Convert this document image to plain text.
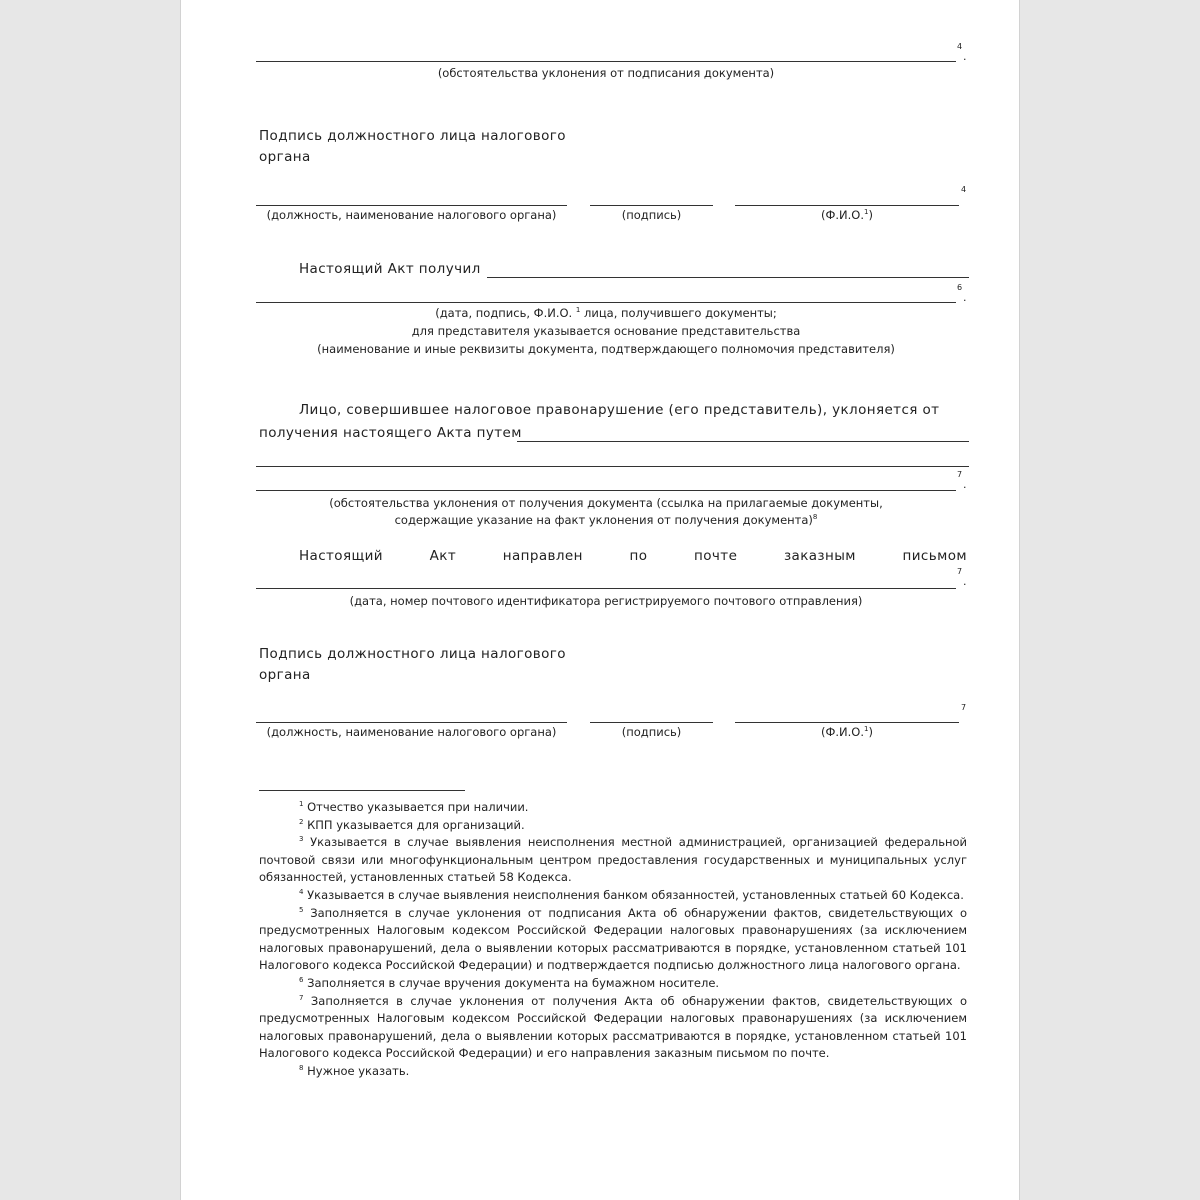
4
.
(обстоятельства уклонения от подписания документа)
Подпись должностного лица налогового
органа
4
(должность, наименование налогового органа)	(подпись)	(Ф.И.О.$^1$)
Настоящий Акт получил
6
.
(дата, подпись, Ф.И.О. $^1$ лица, получившего документы;
для представителя указывается основание представительства
(наименование и иные реквизиты документа, подтверждающего полномочия представителя)
Лицо, совершившее налоговое правонарушение (его представитель), уклоняется от
получения настоящего Акта путем
7
.
(обстоятельства уклонения от получения документа (ссылка на прилагаемые документы,
содержащие указание на факт уклонения от получения документа)$^8$
Настоящий	Акт	направлен	по	почте	заказным	письмом
7
.
(дата, номер почтового идентификатора регистрируемого почтового отправления)
Подпись должностного лица налогового
органа
7
(должность, наименование налогового органа)	(подпись)	(Ф.И.О.$^1$)
$^1$ Отчество указывается при наличии.
$^2$ КПП указывается для организаций.
$^3$ Указывается в случае выявления неисполнения местной администрацией, организацией федеральной почтовой связи или многофункциональным центром предоставления государственных и муниципальных услуг обязанностей, установленных статьей 58 Кодекса.
$^4$ Указывается в случае выявления неисполнения банком обязанностей, установленных статьей 60 Кодекса.
$^5$ Заполняется в случае уклонения от подписания Акта об обнаружении фактов, свидетельствующих о предусмотренных Налоговым кодексом Российской Федерации налоговых правонарушениях (за исключением налоговых правонарушений, дела о выявлении которых рассматриваются в порядке, установленном статьей 101 Налогового кодекса Российской Федерации) и подтверждается подписью должностного лица налогового органа.
$^6$ Заполняется в случае вручения документа на бумажном носителе.
$^7$ Заполняется в случае уклонения от получения Акта об обнаружении фактов, свидетельствующих о предусмотренных Налоговым кодексом Российской Федерации налоговых правонарушениях (за исключением налоговых правонарушений, дела о выявлении которых рассматриваются в порядке, установленном статьей 101 Налогового кодекса Российской Федерации) и его направления заказным письмом по почте.
$^8$ Нужное указать.
